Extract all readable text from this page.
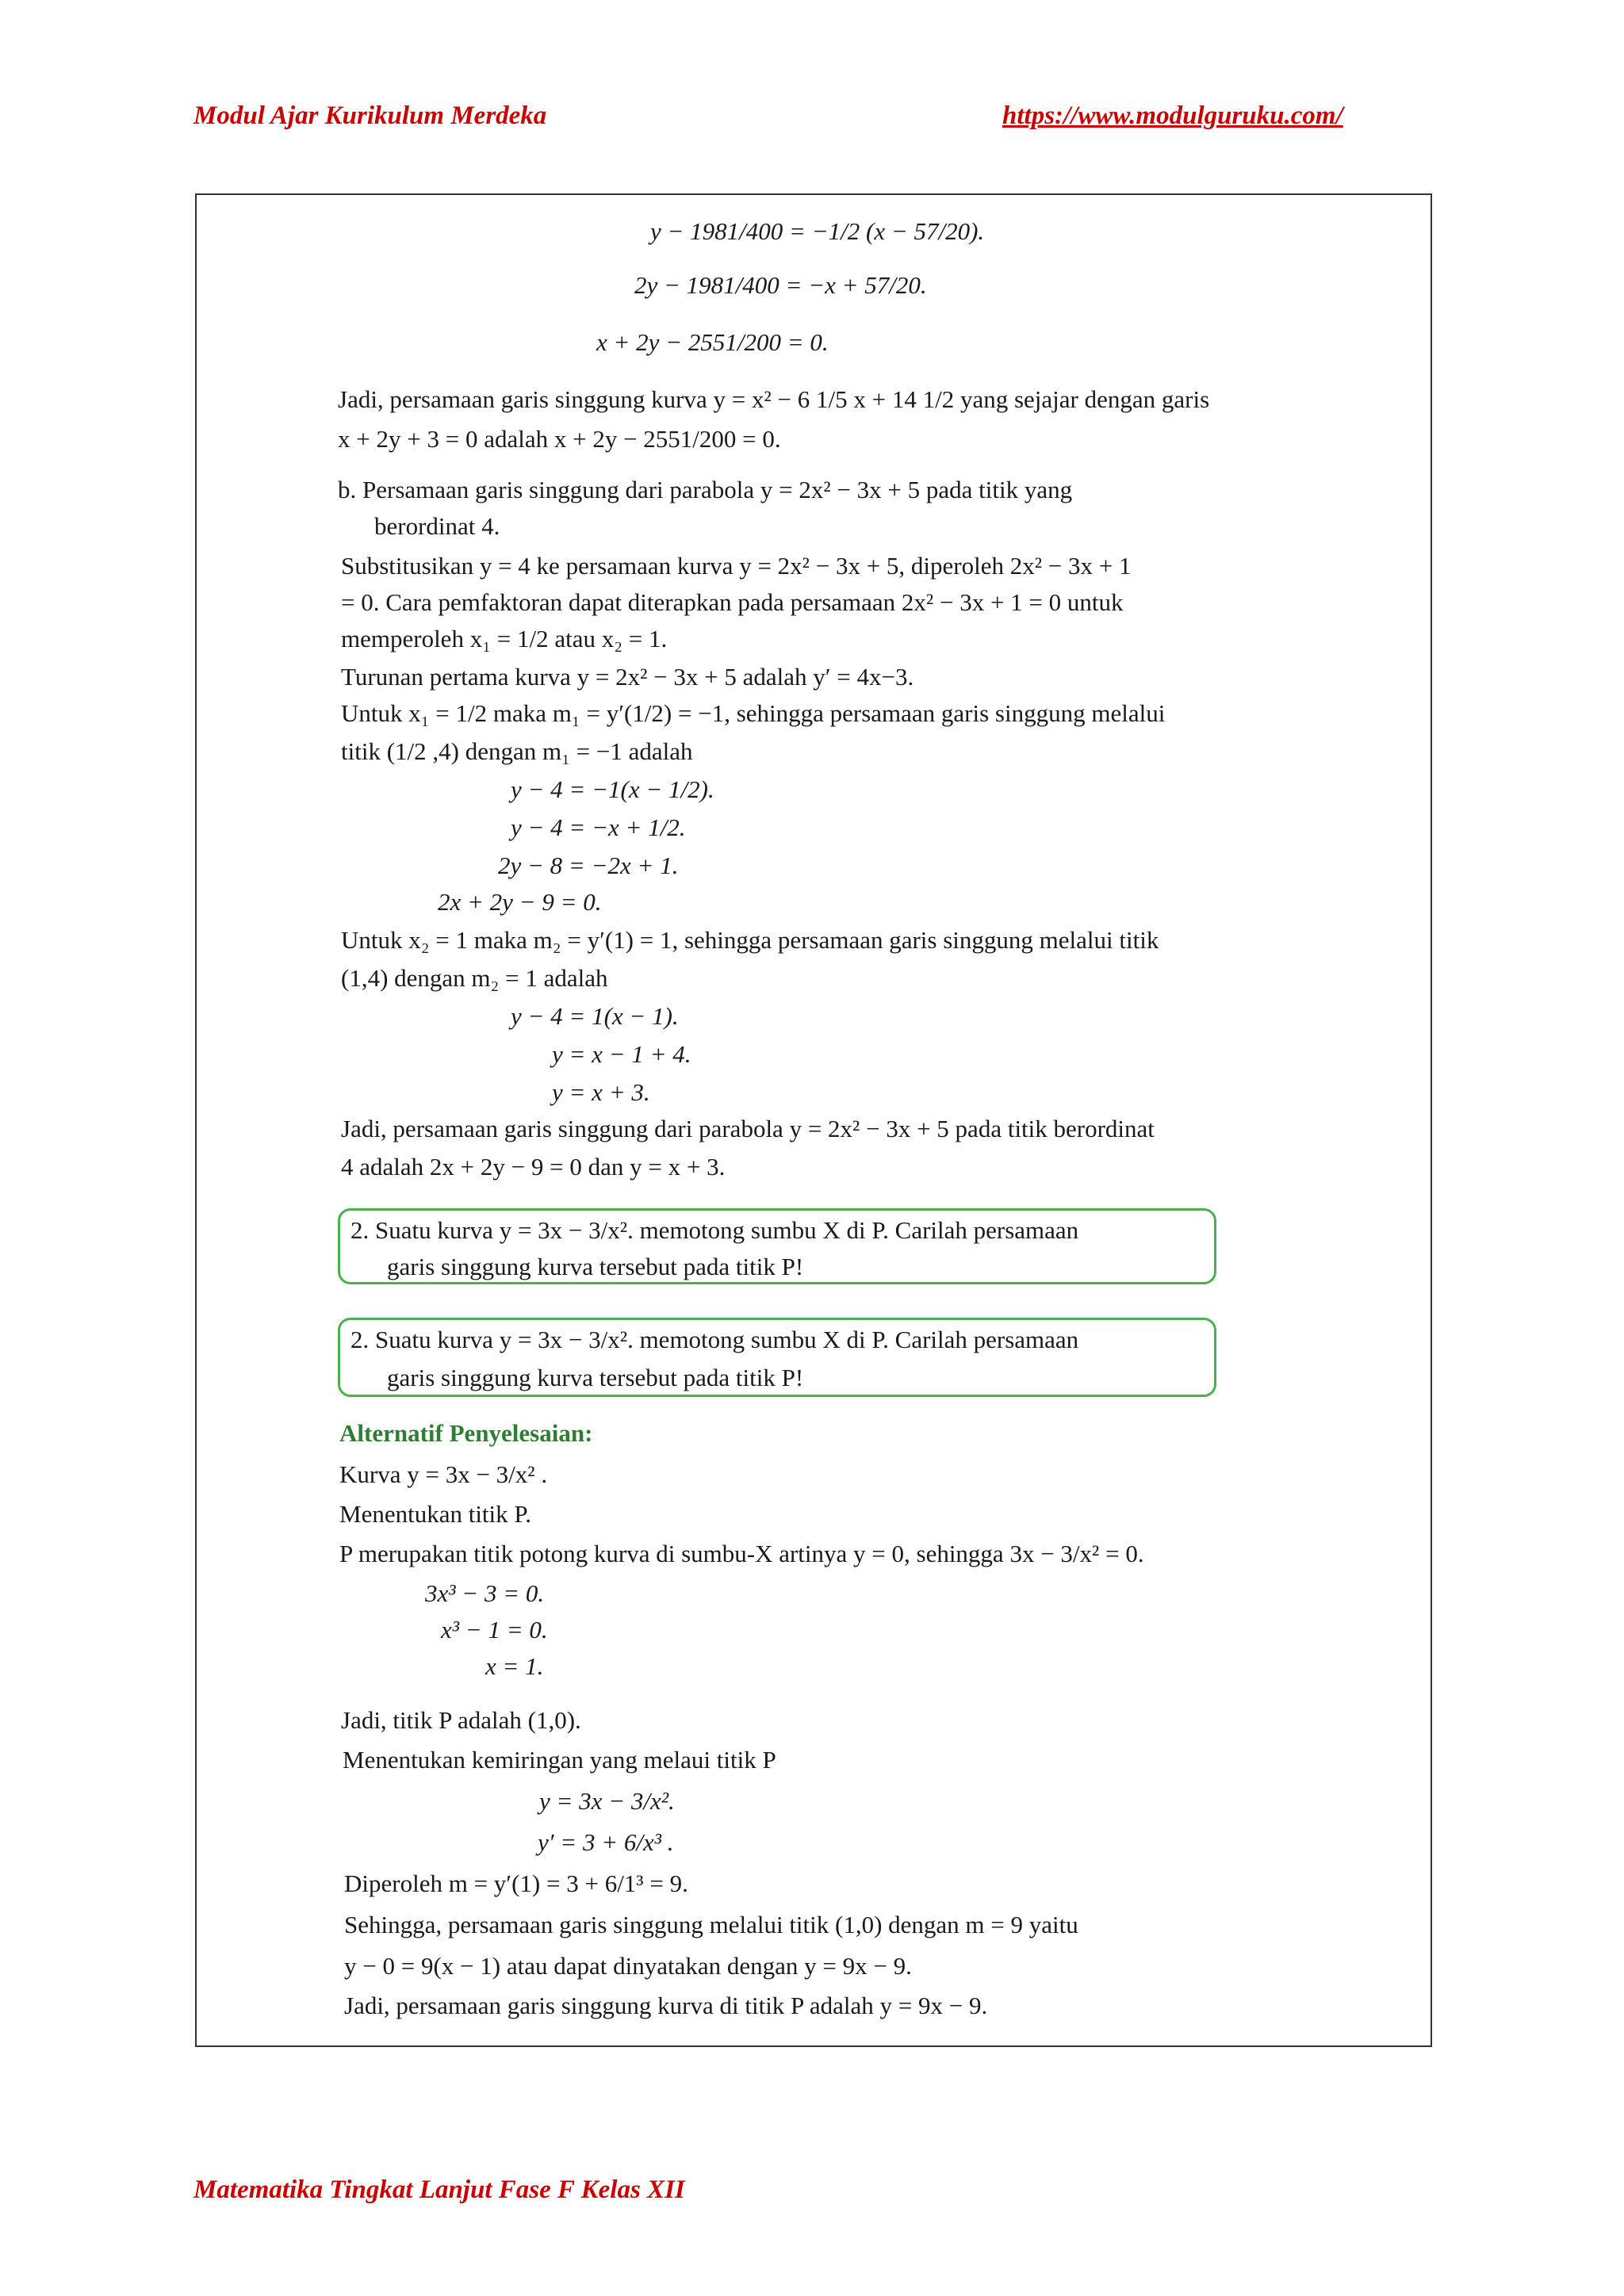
Modul Ajar Kurikulum Merdeka	https://www.modulguruku.com/

y − 1981/400 = −1/2 (x − 57/20).

2y − 1981/400 = −x + 57/20.

x + 2y − 2551/200 = 0.

Jadi, persamaan garis singgung kurva y = x² − 6 1/5 x + 14 1/2 yang sejajar dengan garis

x + 2y + 3 = 0 adalah x + 2y − 2551/200 = 0.

b. Persamaan garis singgung dari parabola y = 2x² − 3x + 5 pada titik yang

berordinat 4.

Substitusikan y = 4 ke persamaan kurva y = 2x² − 3x + 5, diperoleh 2x² − 3x + 1

= 0. Cara pemfaktoran dapat diterapkan pada persamaan 2x² − 3x + 1 = 0 untuk

memperoleh x₁ = 1/2 atau x₂ = 1.

Turunan pertama kurva y = 2x² − 3x + 5 adalah y′ = 4x−3.

Untuk x₁ = 1/2 maka m₁ = y′(1/2) = −1, sehingga persamaan garis singgung melalui

titik (1/2 ,4) dengan m₁ = −1 adalah

y − 4 = −1(x − 1/2).

y − 4 = −x + 1/2.

2y − 8 = −2x + 1.

2x + 2y − 9 = 0.

Untuk x₂ = 1 maka m₂ = y′(1) = 1, sehingga persamaan garis singgung melalui titik

(1,4) dengan m₂ = 1 adalah

y − 4 = 1(x − 1).

y = x − 1 + 4.

y = x + 3.

Jadi, persamaan garis singgung dari parabola y = 2x² − 3x + 5 pada titik berordinat

4 adalah 2x + 2y − 9 = 0 dan y = x + 3.

2. Suatu kurva y = 3x − 3/x². memotong sumbu X di P. Carilah persamaan

garis singgung kurva tersebut pada titik P!

2. Suatu kurva y = 3x − 3/x². memotong sumbu X di P. Carilah persamaan

garis singgung kurva tersebut pada titik P!

Alternatif Penyelesaian:

Kurva y = 3x − 3/x² .

Menentukan titik P.

P merupakan titik potong kurva di sumbu-X artinya y = 0, sehingga 3x − 3/x² = 0.

3x³ − 3 = 0.

x³ − 1 = 0.

x = 1.

Jadi, titik P adalah (1,0).

Menentukan kemiringan yang melaui titik P

y = 3x − 3/x².

y′ = 3 + 6/x³ .

Diperoleh m = y′(1) = 3 + 6/1³ = 9.

Sehingga, persamaan garis singgung melalui titik (1,0) dengan m = 9 yaitu

y − 0 = 9(x − 1) atau dapat dinyatakan dengan y = 9x − 9.

Jadi, persamaan garis singgung kurva di titik P adalah y = 9x − 9.

Matematika Tingkat Lanjut Fase F Kelas XII
